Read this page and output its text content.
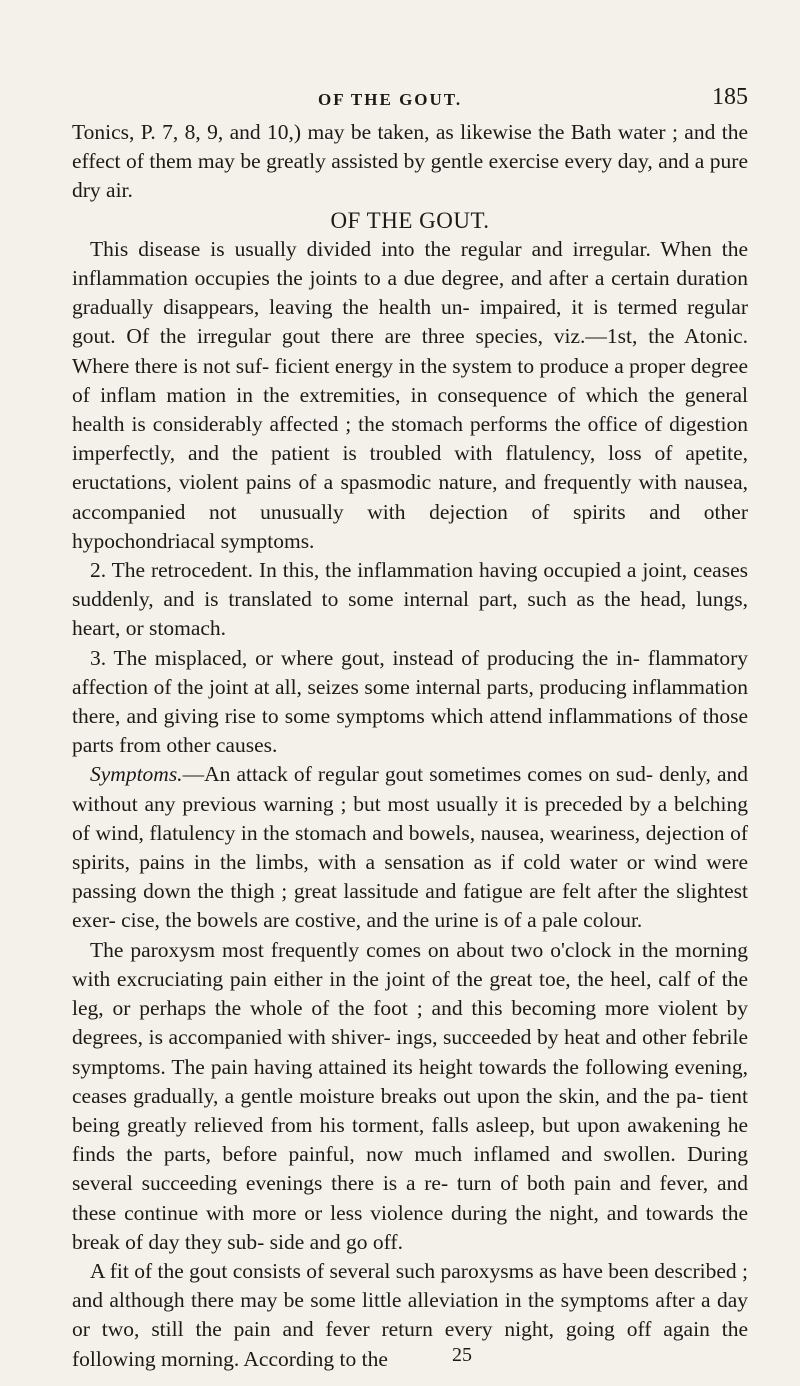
OF THE GOUT.	185

Tonics, P. 7, 8, 9, and 10,) may be taken, as likewise the Bath water ; and the effect of them may be greatly assisted by gentle exercise every day, and a pure dry air.

OF THE GOUT.

This disease is usually divided into the regular and irregular. When the inflammation occupies the joints to a due degree, and after a certain duration gradually disappears, leaving the health un- impaired, it is termed regular gout. Of the irregular gout there are three species, viz.—1st, the Atonic. Where there is not suf- ficient energy in the system to produce a proper degree of inflam mation in the extremities, in consequence of which the general health is considerably affected ; the stomach performs the office of digestion imperfectly, and the patient is troubled with flatulency, loss of apetite, eructations, violent pains of a spasmodic nature, and frequently with nausea, accompanied not unusually with dejection of spirits and other hypochondriacal symptoms.

2. The retrocedent. In this, the inflammation having occupied a joint, ceases suddenly, and is translated to some internal part, such as the head, lungs, heart, or stomach.

3. The misplaced, or where gout, instead of producing the in- flammatory affection of the joint at all, seizes some internal parts, producing inflammation there, and giving rise to some symptoms which attend inflammations of those parts from other causes.

Symptoms.—An attack of regular gout sometimes comes on sud- denly, and without any previous warning ; but most usually it is preceded by a belching of wind, flatulency in the stomach and bowels, nausea, weariness, dejection of spirits, pains in the limbs, with a sensation as if cold water or wind were passing down the thigh ; great lassitude and fatigue are felt after the slightest exer- cise, the bowels are costive, and the urine is of a pale colour.

The paroxysm most frequently comes on about two o'clock in the morning with excruciating pain either in the joint of the great toe, the heel, calf of the leg, or perhaps the whole of the foot ; and this becoming more violent by degrees, is accompanied with shiver- ings, succeeded by heat and other febrile symptoms. The pain having attained its height towards the following evening, ceases gradually, a gentle moisture breaks out upon the skin, and the pa- tient being greatly relieved from his torment, falls asleep, but upon awakening he finds the parts, before painful, now much inflamed and swollen. During several succeeding evenings there is a re- turn of both pain and fever, and these continue with more or less violence during the night, and towards the break of day they sub- side and go off.

A fit of the gout consists of several such paroxysms as have been described ; and although there may be some little alleviation in the symptoms after a day or two, still the pain and fever return every night, going off again the following morning. According to the	25
